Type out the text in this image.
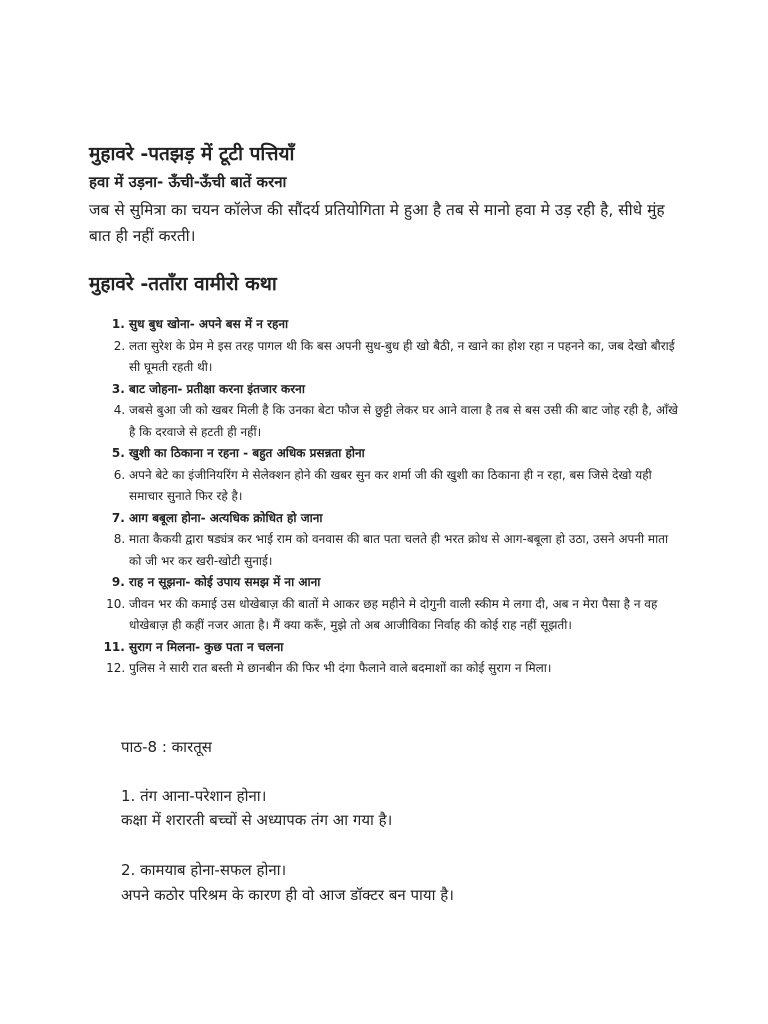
मुहावरे -पतझड़ में टूटी पत्तियाँ
हवा में उड़ना- ऊँची-ऊँची बातें करना

जब से सुमित्रा का चयन कॉलेज की सौंदर्य प्रतियोगिता मे हुआ है तब से मानो हवा मे उड़ रही है, सीधे मुंह बात ही नहीं करती।

मुहावरे -तताँरा वामीरो कथा
1. सुध बुध खोना- अपने बस में न रहना
2. लता सुरेश के प्रेम मे इस तरह पागल थी कि बस अपनी सुध-बुध ही खो बैठी, न खाने का होश रहा न पहनने का, जब देखो बौराई सी घूमती रहती थी।
3. बाट जोहना- प्रतीक्षा करना इंतजार करना
4. जबसे बुआ जी को खबर मिली है कि उनका बेटा फौज से छुट्टी लेकर घर आने वाला है तब से बस उसी की बाट जोह रही है, आँखे है कि दरवाजे से हटती ही नहीं।
5. खुशी का ठिकाना न रहना - बहुत अधिक प्रसन्नता होना
6. अपने बेटे का इंजीनियरिंग मे सेलेक्शन होने की खबर सुन कर शर्मा जी की खुशी का ठिकाना ही न रहा, बस जिसे देखो यही समाचार सुनाते फिर रहे है।
7. आग बबूला होना- अत्यधिक क्रोधित हो जाना
8. माता कैकयी द्वारा षड्यंत्र कर भाई राम को वनवास की बात पता चलते ही भरत क्रोध से आग-बबूला हो उठा, उसने अपनी माता को जी भर कर खरी-खोटी सुनाई।
9. राह न सूझना- कोई उपाय समझ में ना आना
10. जीवन भर की कमाई उस धोखेबाज़ की बातों मे आकर छह महीने मे दोगुनी वाली स्कीम मे लगा दी, अब न मेरा पैसा है न वह धोखेबाज़ ही कहीं नजर आता है। मैं क्या करूँ, मुझे तो अब आजीविका निर्वाह की कोई राह नहीं सूझती।
11. सुराग न मिलना- कुछ पता न चलना
12. पुलिस ने सारी रात बस्ती मे छानबीन की फिर भी दंगा फैलाने वाले बदमाशों का कोई सुराग न मिला।
पाठ-8 : कारतूस
1. तंग आना-परेशान होना।
कक्षा में शरारती बच्चों से अध्यापक तंग आ गया है।
2. कामयाब होना-सफल होना।
अपने कठोर परिश्रम के कारण ही वो आज डॉक्टर बन पाया है।
